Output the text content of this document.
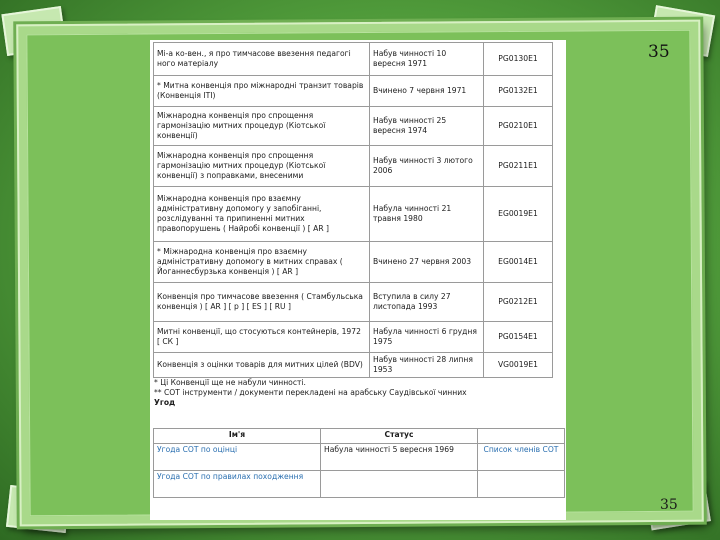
35
Мі-а ко-вен., я про тимчасове ввезення педагогі ного матеріалу	Набув чинності 10 вересня 1971	PG0130E1
* Митна конвенція про міжнародні транзит товарів (Конвенція ITI)	Вчинено 7 червня 1971	PG0132E1
Міжнародна конвенція про спрощення гармонізацію митних процедур (Кіотської конвенції)	Набув чинності 25 вересня 1974	PG0210E1
Міжнародна конвенція про спрощення гармонізацію митних процедур (Кіотської конвенції) з поправками, внесеними	Набув чинності 3 лютого 2006	PG0211E1
Міжнародна конвенція про взаємну адміністративну допомогу у запобіганні, розслідуванні та припиненні митних правопорушень ( Найробі конвенції ) [ AR ]	Набула чинності 21 травня 1980	EG0019E1
* Міжнародна конвенція про взаємну адміністративну допомогу в митних справах ( Йоганнесбурзька конвенція ) [ AR ]	Вчинено 27 червня 2003	EG0014E1
Конвенція про тимчасове ввезення ( Стамбульська конвенція ) [ AR ] [ p ] [ ES ] [ RU ]	Вступила в силу 27 листопада 1993	PG0212E1
Митні конвенції, що стосуються контейнерів, 1972 [ СК ]	Набула чинності 6 грудня 1975	PG0154E1
Конвенція з оцінки товарів для митних цілей (BDV)	Набув чинності 28 липня 1953	VG0019E1
* Ці Конвенції ще не набули чинності.
** СОТ інструменти / документи перекладені на арабську Саудівської чинних
Угод
Ім'я	Статус	
Угода СОТ по оцінці	Набула чинності 5 вересня 1969	Список членів СОТ
Угода СОТ по правилах походження		
35
